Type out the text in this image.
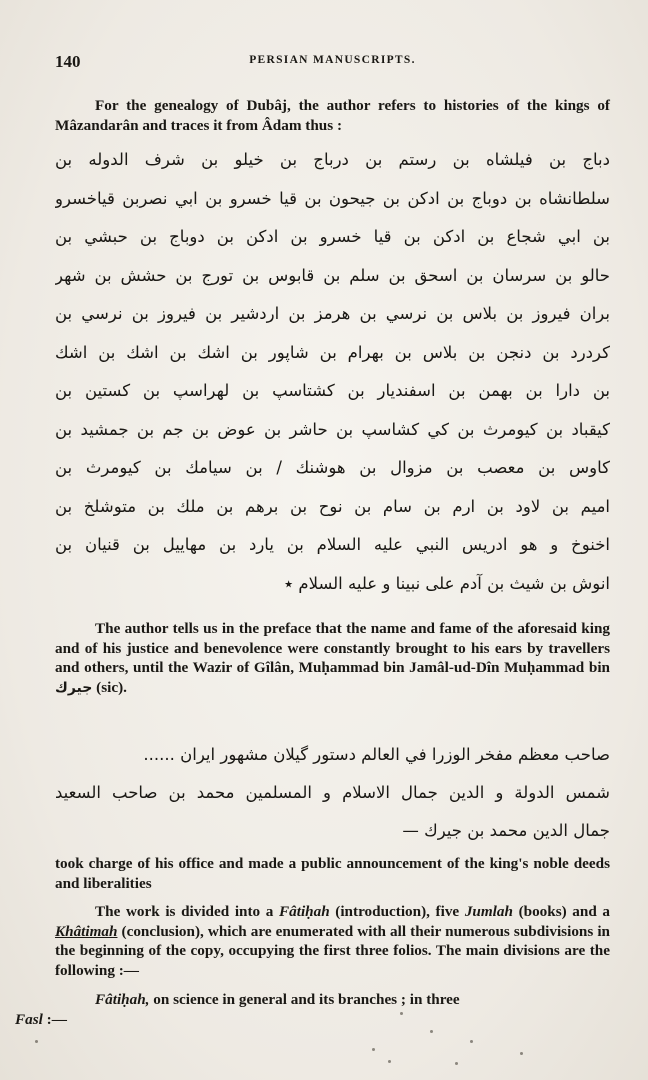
140	PERSIAN MANUSCRIPTS.

For the genealogy of Dubâj, the author refers to histories of the kings of Mâzandarân and traces it from Âdam thus :

دباج بن فيلشاه بن رستم بن درباج بن خيلو بن شرف الدوله بن
سلطانشاه بن دوباج بن ادكن بن جيحون بن قيا خسرو بن ابي نصربن قياخسرو
بن ابي شجاع بن ادكن بن قيا خسرو بن ادكن بن دوباج بن حبشي بن
حالو بن سرسان بن اسحق بن سلم بن قابوس بن تورج بن حشش بن شهر
بران فيروز بن بلاس بن نرسي بن هرمز بن اردشير بن فيروز بن نرسي بن
كردرد بن دنجن بن بلاس بن بهرام بن شاپور بن اشك بن اشك بن اشك
بن دارا بن بهمن بن اسفنديار بن كشتاسپ بن لهراسپ بن كستين بن
كيقباد بن كيومرث بن كي كشاسپ بن حاشر بن عوض بن جم بن جمشيد بن
كاوس بن معصب بن مزوال بن هوشنك / بن سيامك بن كيومرث بن
اميم بن لاود بن ارم بن سام بن نوح بن برهم بن ملك بن متوشلخ بن
اخنوخ و هو ادريس النبي عليه السلام بن يارد بن مهاييل بن قنيان بن
انوش بن شيث بن آدم على نبينا و عليه السلام ٭

The author tells us in the preface that the name and fame of the aforesaid king and of his justice and benevolence were constantly brought to his ears by travellers and others, until the Wazir of Gîlân, Muḥammad bin Jamâl-ud-Dîn Muḥammad bin جيرك (sic).

صاحب معظم مفخر الوزرا في العالم دستور گيلان مشهور ايران ......
شمس الدولة و الدين جمال الاسلام و المسلمين محمد بن صاحب السعيد
جمال الدين محمد بن جيرك —

took charge of his office and made a public announcement of the king's noble deeds and liberalities

The work is divided into a Fâtiḥah (introduction), five Jumlah (books) and a Khâtimah (conclusion), which are enumerated with all their numerous subdivisions in the beginning of the copy, occupying the first three folios. The main divisions are the following :—

Fâtiḥah, on science in general and its branches ; in three
Fasl :—
